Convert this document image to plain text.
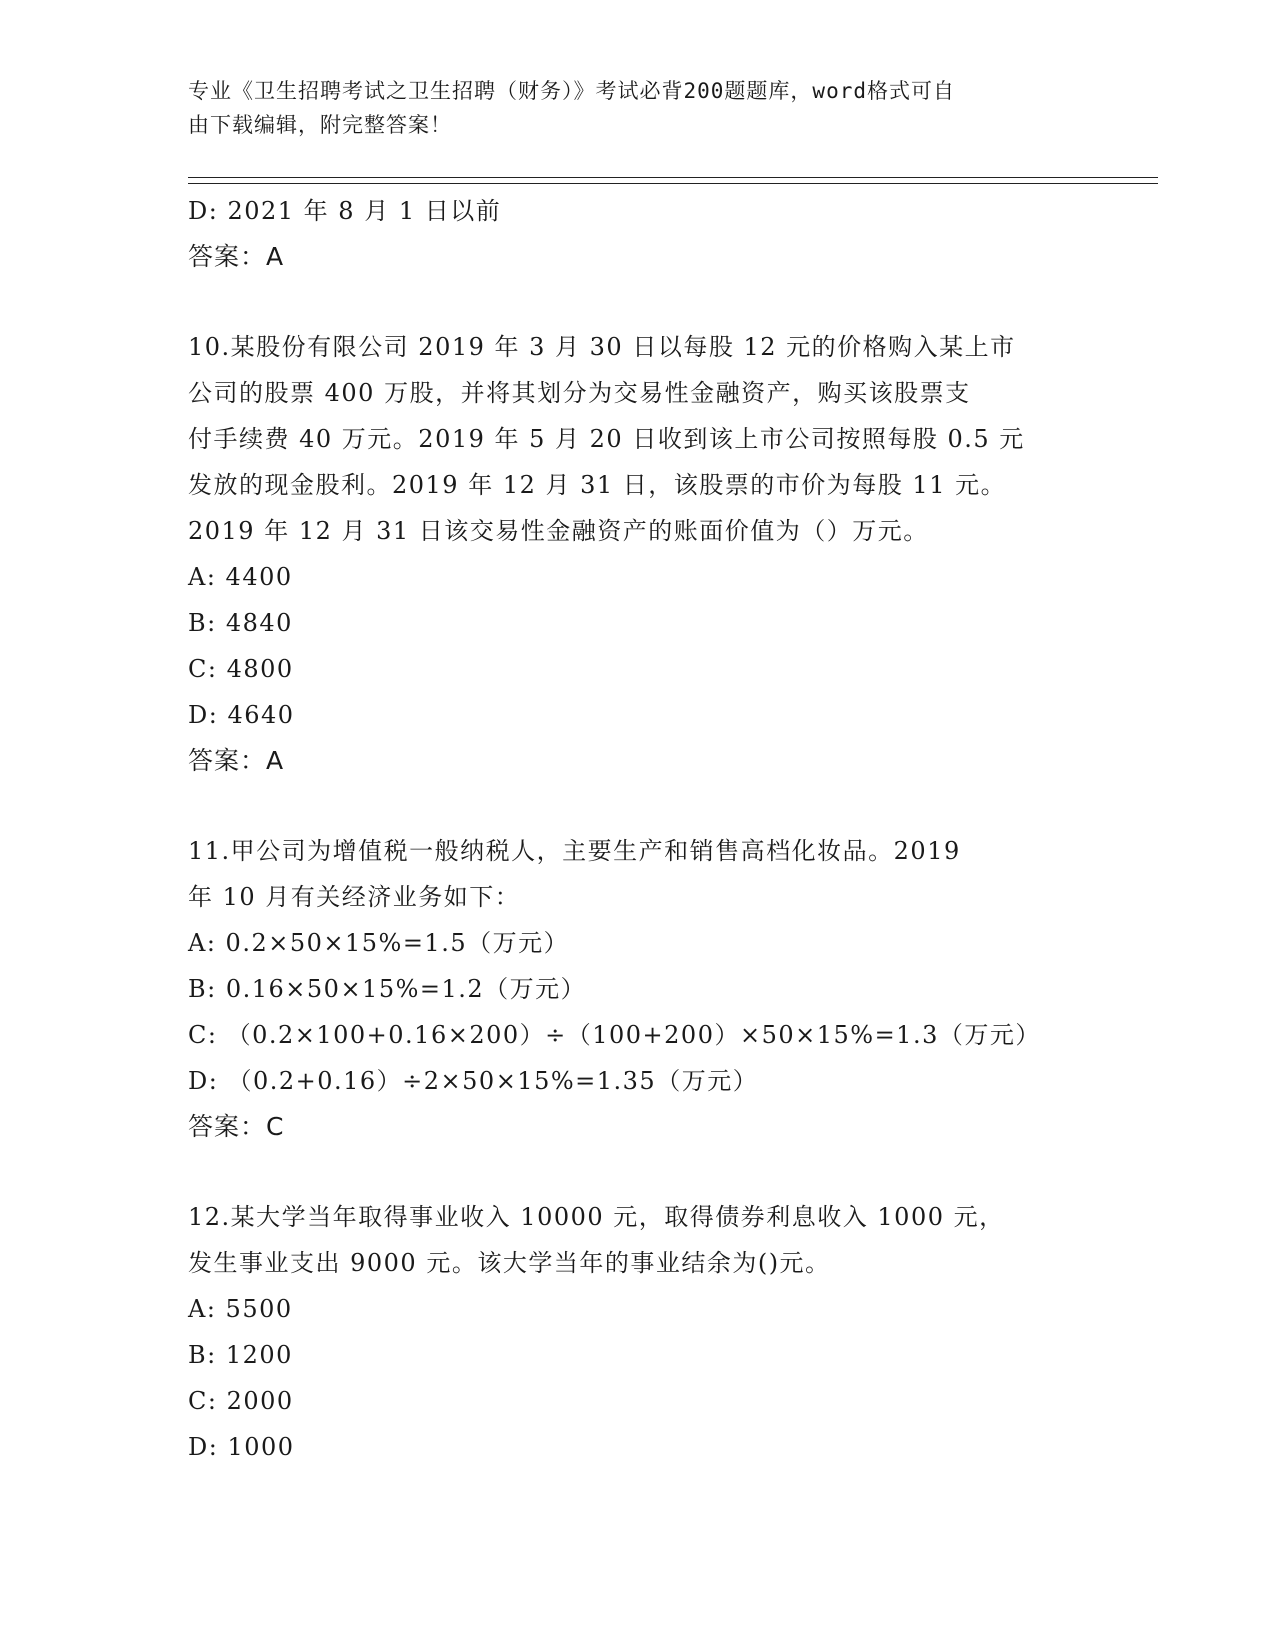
专业《卫生招聘考试之卫生招聘（财务）》考试必背200题题库，word格式可自
由下载编辑，附完整答案！
D: 2021 年 8 月 1 日以前
答案：A
10.某股份有限公司 2019 年 3 月 30 日以每股 12 元的价格购入某上市
公司的股票 400 万股，并将其划分为交易性金融资产，购买该股票支
付手续费 40 万元。2019 年 5 月 20 日收到该上市公司按照每股 0.5 元
发放的现金股利。2019 年 12 月 31 日，该股票的市价为每股 11 元。
2019 年 12 月 31 日该交易性金融资产的账面价值为（）万元。
A: 4400
B: 4840
C: 4800
D: 4640
答案：A
11.甲公司为增值税一般纳税人，主要生产和销售高档化妆品。2019
年 10 月有关经济业务如下：
A: 0.2×50×15%=1.5（万元）
B: 0.16×50×15%=1.2（万元）
C: （0.2×100+0.16×200）÷（100+200）×50×15%=1.3（万元）
D: （0.2+0.16）÷2×50×15%=1.35（万元）
答案：C
12.某大学当年取得事业收入 10000 元，取得债券利息收入 1000 元，
发生事业支出 9000 元。该大学当年的事业结余为()元。
A: 5500
B: 1200
C: 2000
D: 1000
